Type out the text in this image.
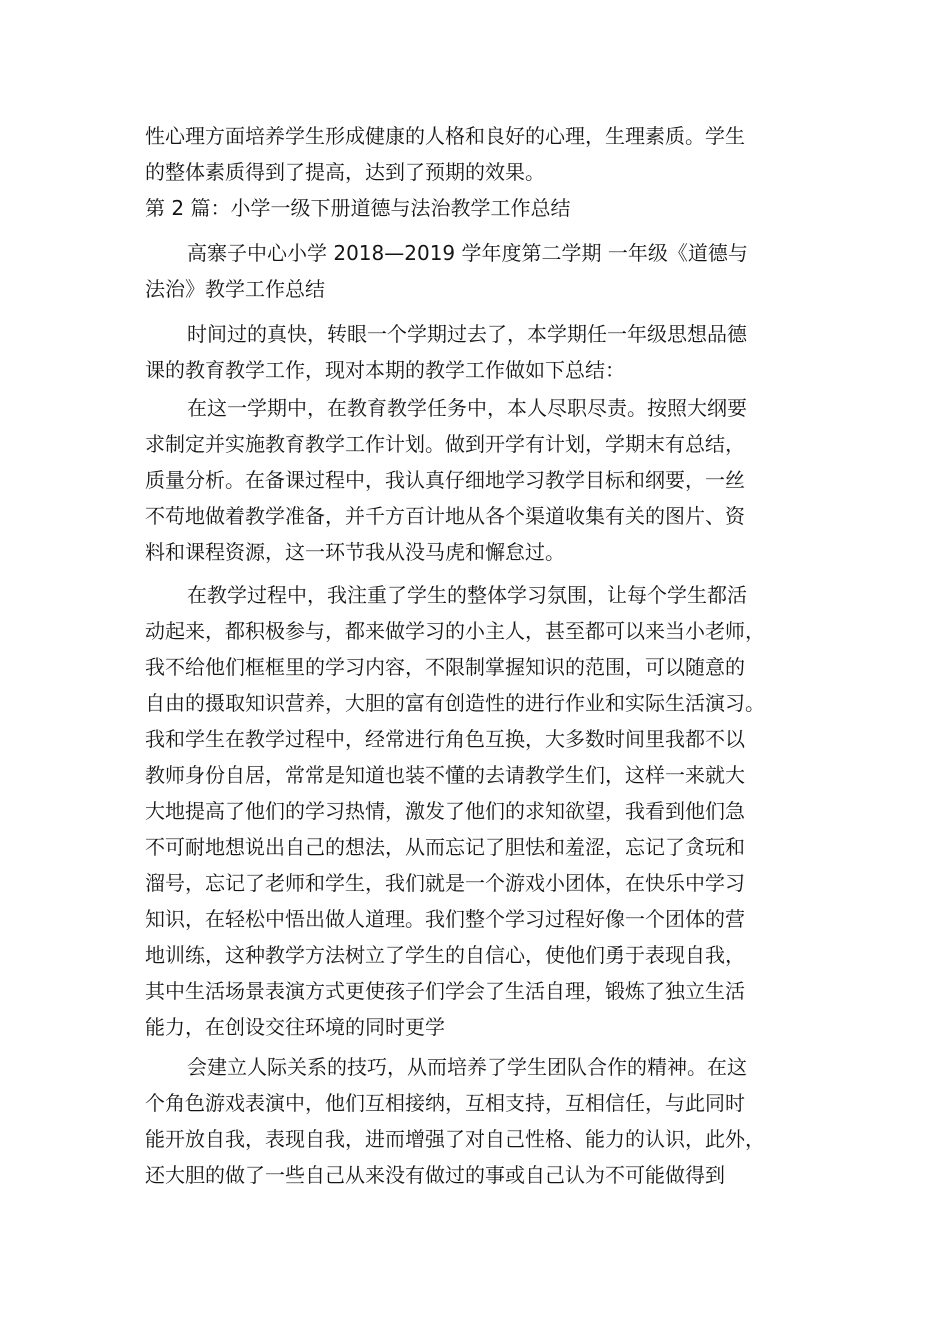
性心理方面培养学生形成健康的人格和良好的心理，生理素质。学生
的整体素质得到了提高，达到了预期的效果。
第 2 篇：小学一级下册道德与法治教学工作总结
高寨子中心小学 2018—2019 学年度第二学期 一年级《道德与
法治》教学工作总结
时间过的真快，转眼一个学期过去了，本学期任一年级思想品德
课的教育教学工作，现对本期的教学工作做如下总结：
在这一学期中，在教育教学任务中，本人尽职尽责。按照大纲要
求制定并实施教育教学工作计划。做到开学有计划，学期末有总结，
质量分析。在备课过程中，我认真仔细地学习教学目标和纲要，一丝
不苟地做着教学准备，并千方百计地从各个渠道收集有关的图片、资
料和课程资源，这一环节我从没马虎和懈怠过。
在教学过程中，我注重了学生的整体学习氛围，让每个学生都活
动起来，都积极参与，都来做学习的小主人，甚至都可以来当小老师，
我不给他们框框里的学习内容，不限制掌握知识的范围，可以随意的
自由的摄取知识营养，大胆的富有创造性的进行作业和实际生活演习。
我和学生在教学过程中，经常进行角色互换，大多数时间里我都不以
教师身份自居，常常是知道也装不懂的去请教学生们，这样一来就大
大地提高了他们的学习热情，激发了他们的求知欲望，我看到他们急
不可耐地想说出自己的想法，从而忘记了胆怯和羞涩，忘记了贪玩和
溜号，忘记了老师和学生，我们就是一个游戏小团体，在快乐中学习
知识，在轻松中悟出做人道理。我们整个学习过程好像一个团体的营
地训练，这种教学方法树立了学生的自信心，使他们勇于表现自我，
其中生活场景表演方式更使孩子们学会了生活自理，锻炼了独立生活
能力，在创设交往环境的同时更学
会建立人际关系的技巧，从而培养了学生团队合作的精神。在这
个角色游戏表演中，他们互相接纳，互相支持，互相信任，与此同时
能开放自我，表现自我，进而增强了对自己性格、能力的认识，此外，
还大胆的做了一些自己从来没有做过的事或自己认为不可能做得到
